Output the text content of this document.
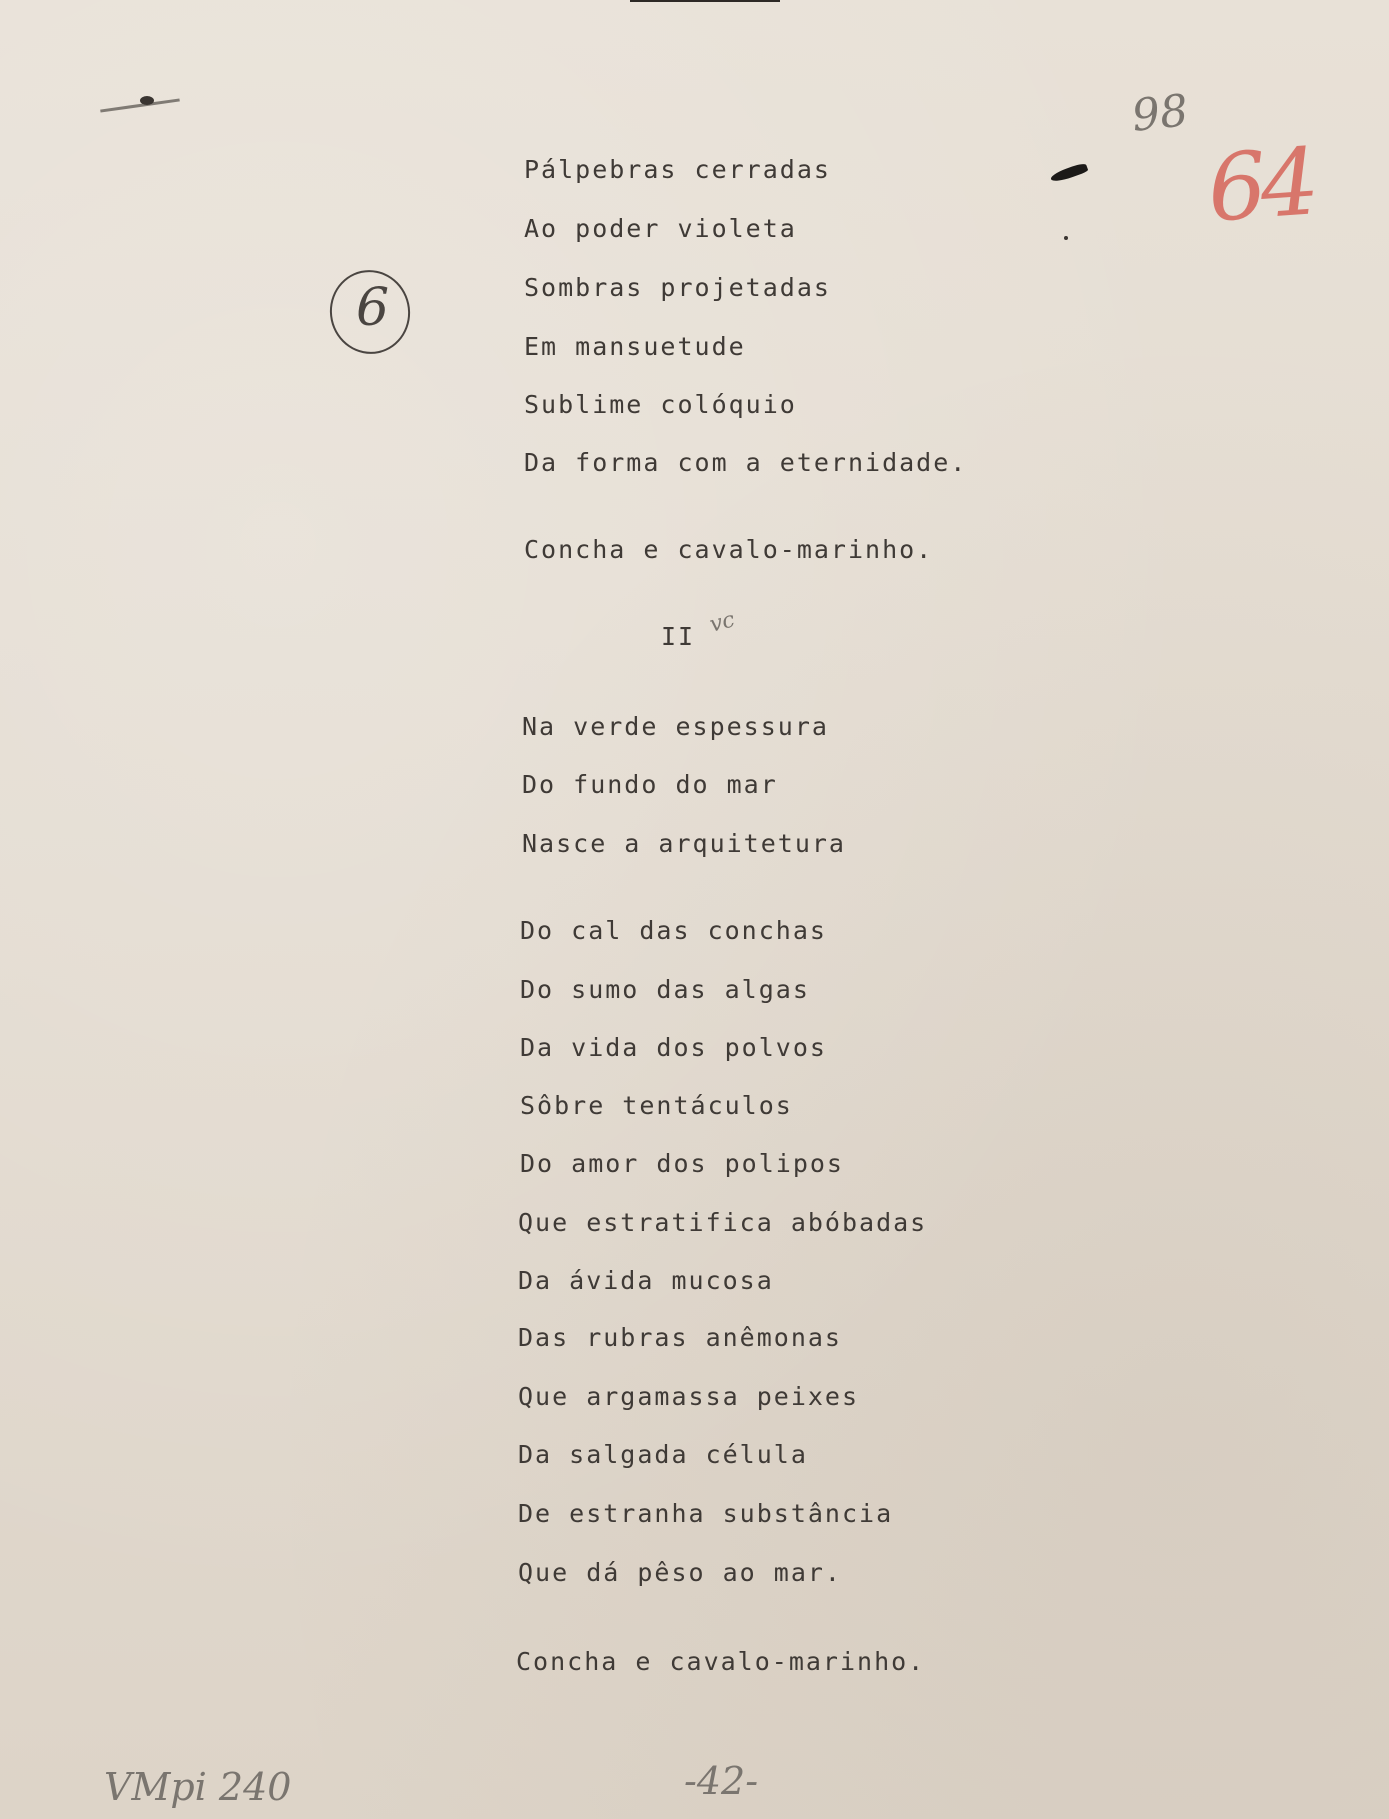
98

64

6

Pálpebras cerradas

Ao poder violeta

Sombras projetadas

Em mansuetude

Sublime colóquio

Da forma com a eternidade.

Concha e cavalo-marinho.

II vc

Na verde espessura

Do fundo do mar

Nasce a arquitetura

Do cal das conchas

Do sumo das algas

Da vida dos polvos

Sôbre tentáculos

Do amor dos polipos

Que estratifica abóbadas

Da ávida mucosa

Das rubras anêmonas

Que argamassa peixes

Da salgada célula

De estranha substância

Que dá pêso ao mar.

Concha e cavalo-marinho.

VMpi 240	-42-
